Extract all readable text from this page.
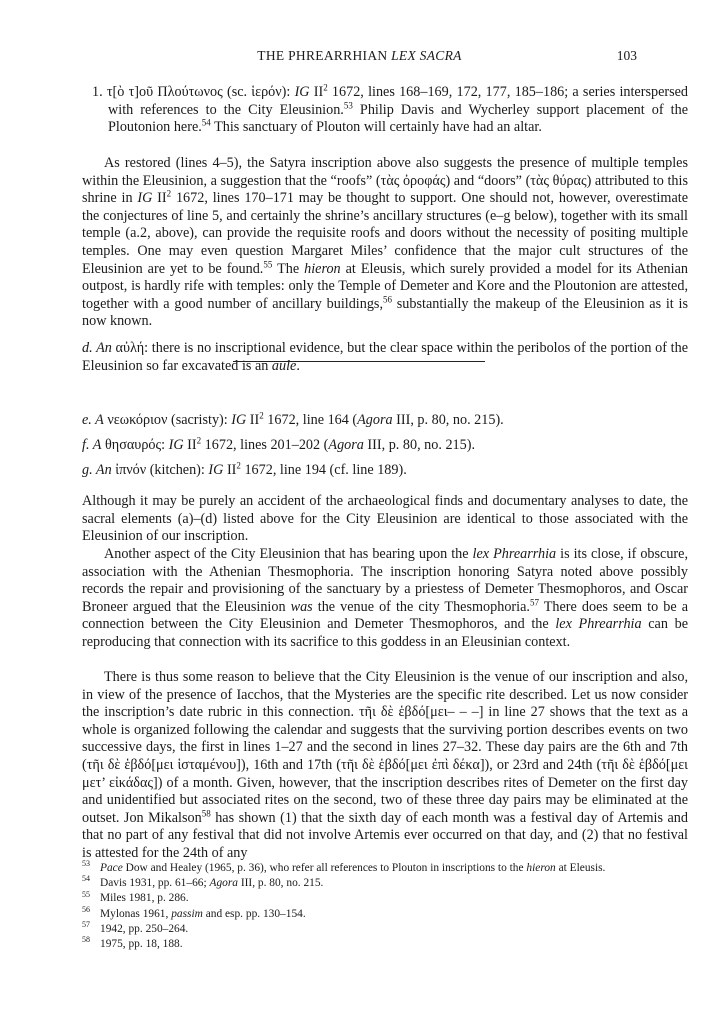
THE PHREARRHIAN LEX SACRA	103

1. τ[ὸ τ]οῦ Πλούτωνος (sc. ἱερόν): IG $II^2$ 1672, lines 168–169, 172, 177, 185–186; a series interspersed with references to the City Eleusinion.$^{53}$ Philip Davis and Wycherley support placement of the Ploutonion here.$^{54}$ This sanctuary of Plouton will certainly have had an altar.

As restored (lines 4–5), the Satyra inscription above also suggests the presence of multiple temples within the Eleusinion, a suggestion that the “roofs” (τὰς ὀροφάς) and “doors” (τὰς θύρας) attributed to this shrine in IG $II^2$ 1672, lines 170–171 may be thought to support. One should not, however, overestimate the conjectures of line 5, and certainly the shrine’s ancillary structures (e–g below), together with its small temple (a.2, above), can provide the requisite roofs and doors without the necessity of positing multiple temples. One may even question Margaret Miles’ confidence that the major cult structures of the Eleusinion are yet to be found.$^{55}$ The hieron at Eleusis, which surely provided a model for its Athenian outpost, is hardly rife with temples: only the Temple of Demeter and Kore and the Ploutonion are attested, together with a good number of ancillary buildings,$^{56}$ substantially the makeup of the Eleusinion as it is now known.

d. An αὐλή: there is no inscriptional evidence, but the clear space within the peribolos of the portion of the Eleusinion so far excavated is an aule.

e. A νεωκόριον (sacristy): IG $II^2$ 1672, line 164 (Agora III, p. 80, no. 215).

f. A θησαυρός: IG $II^2$ 1672, lines 201–202 (Agora III, p. 80, no. 215).

g. An ἰπνόν (kitchen): IG $II^2$ 1672, line 194 (cf. line 189).

Although it may be purely an accident of the archaeological finds and documentary analyses to date, the sacral elements (a)–(d) listed above for the City Eleusinion are identical to those associated with the Eleusinion of our inscription.

Another aspect of the City Eleusinion that has bearing upon the lex Phrearrhia is its close, if obscure, association with the Athenian Thesmophoria. The inscription honoring Satyra noted above possibly records the repair and provisioning of the sanctuary by a priestess of Demeter Thesmophoros, and Oscar Broneer argued that the Eleusinion was the venue of the city Thesmophoria.$^{57}$ There does seem to be a connection between the City Eleusinion and Demeter Thesmophoros, and the lex Phrearrhia can be reproducing that connection with its sacrifice to this goddess in an Eleusinian context.

There is thus some reason to believe that the City Eleusinion is the venue of our inscription and also, in view of the presence of Iacchos, that the Mysteries are the specific rite described. Let us now consider the inscription’s date rubric in this connection. τῆι δὲ ἑβδό[μει– – –] in line 27 shows that the text as a whole is organized following the calendar and suggests that the surviving portion describes events on two successive days, the first in lines 1–27 and the second in lines 27–32. These day pairs are the 6th and 7th (τῆι δὲ ἑβδό[μει ἱσταμένου]), 16th and 17th (τῆι δὲ ἑβδό[μει ἐπὶ δέκα]), or 23rd and 24th (τῆι δὲ ἑβδό[μει μετ’ εἰκάδας]) of a month. Given, however, that the inscription describes rites of Demeter on the first day and unidentified but associated rites on the second, two of these three day pairs may be eliminated at the outset. Jon Mikalson$^{58}$ has shown (1) that the sixth day of each month was a festival day of Artemis and that no part of any festival that did not involve Artemis ever occurred on that day, and (2) that no festival is attested for the 24th of any

53 Pace Dow and Healey (1965, p. 36), who refer all references to Plouton in inscriptions to the hieron at Eleusis.

54 Davis 1931, pp. 61–66; Agora III, p. 80, no. 215.

55 Miles 1981, p. 286.

56 Mylonas 1961, passim and esp. pp. 130–154.

57 1942, pp. 250–264.

58 1975, pp. 18, 188.
